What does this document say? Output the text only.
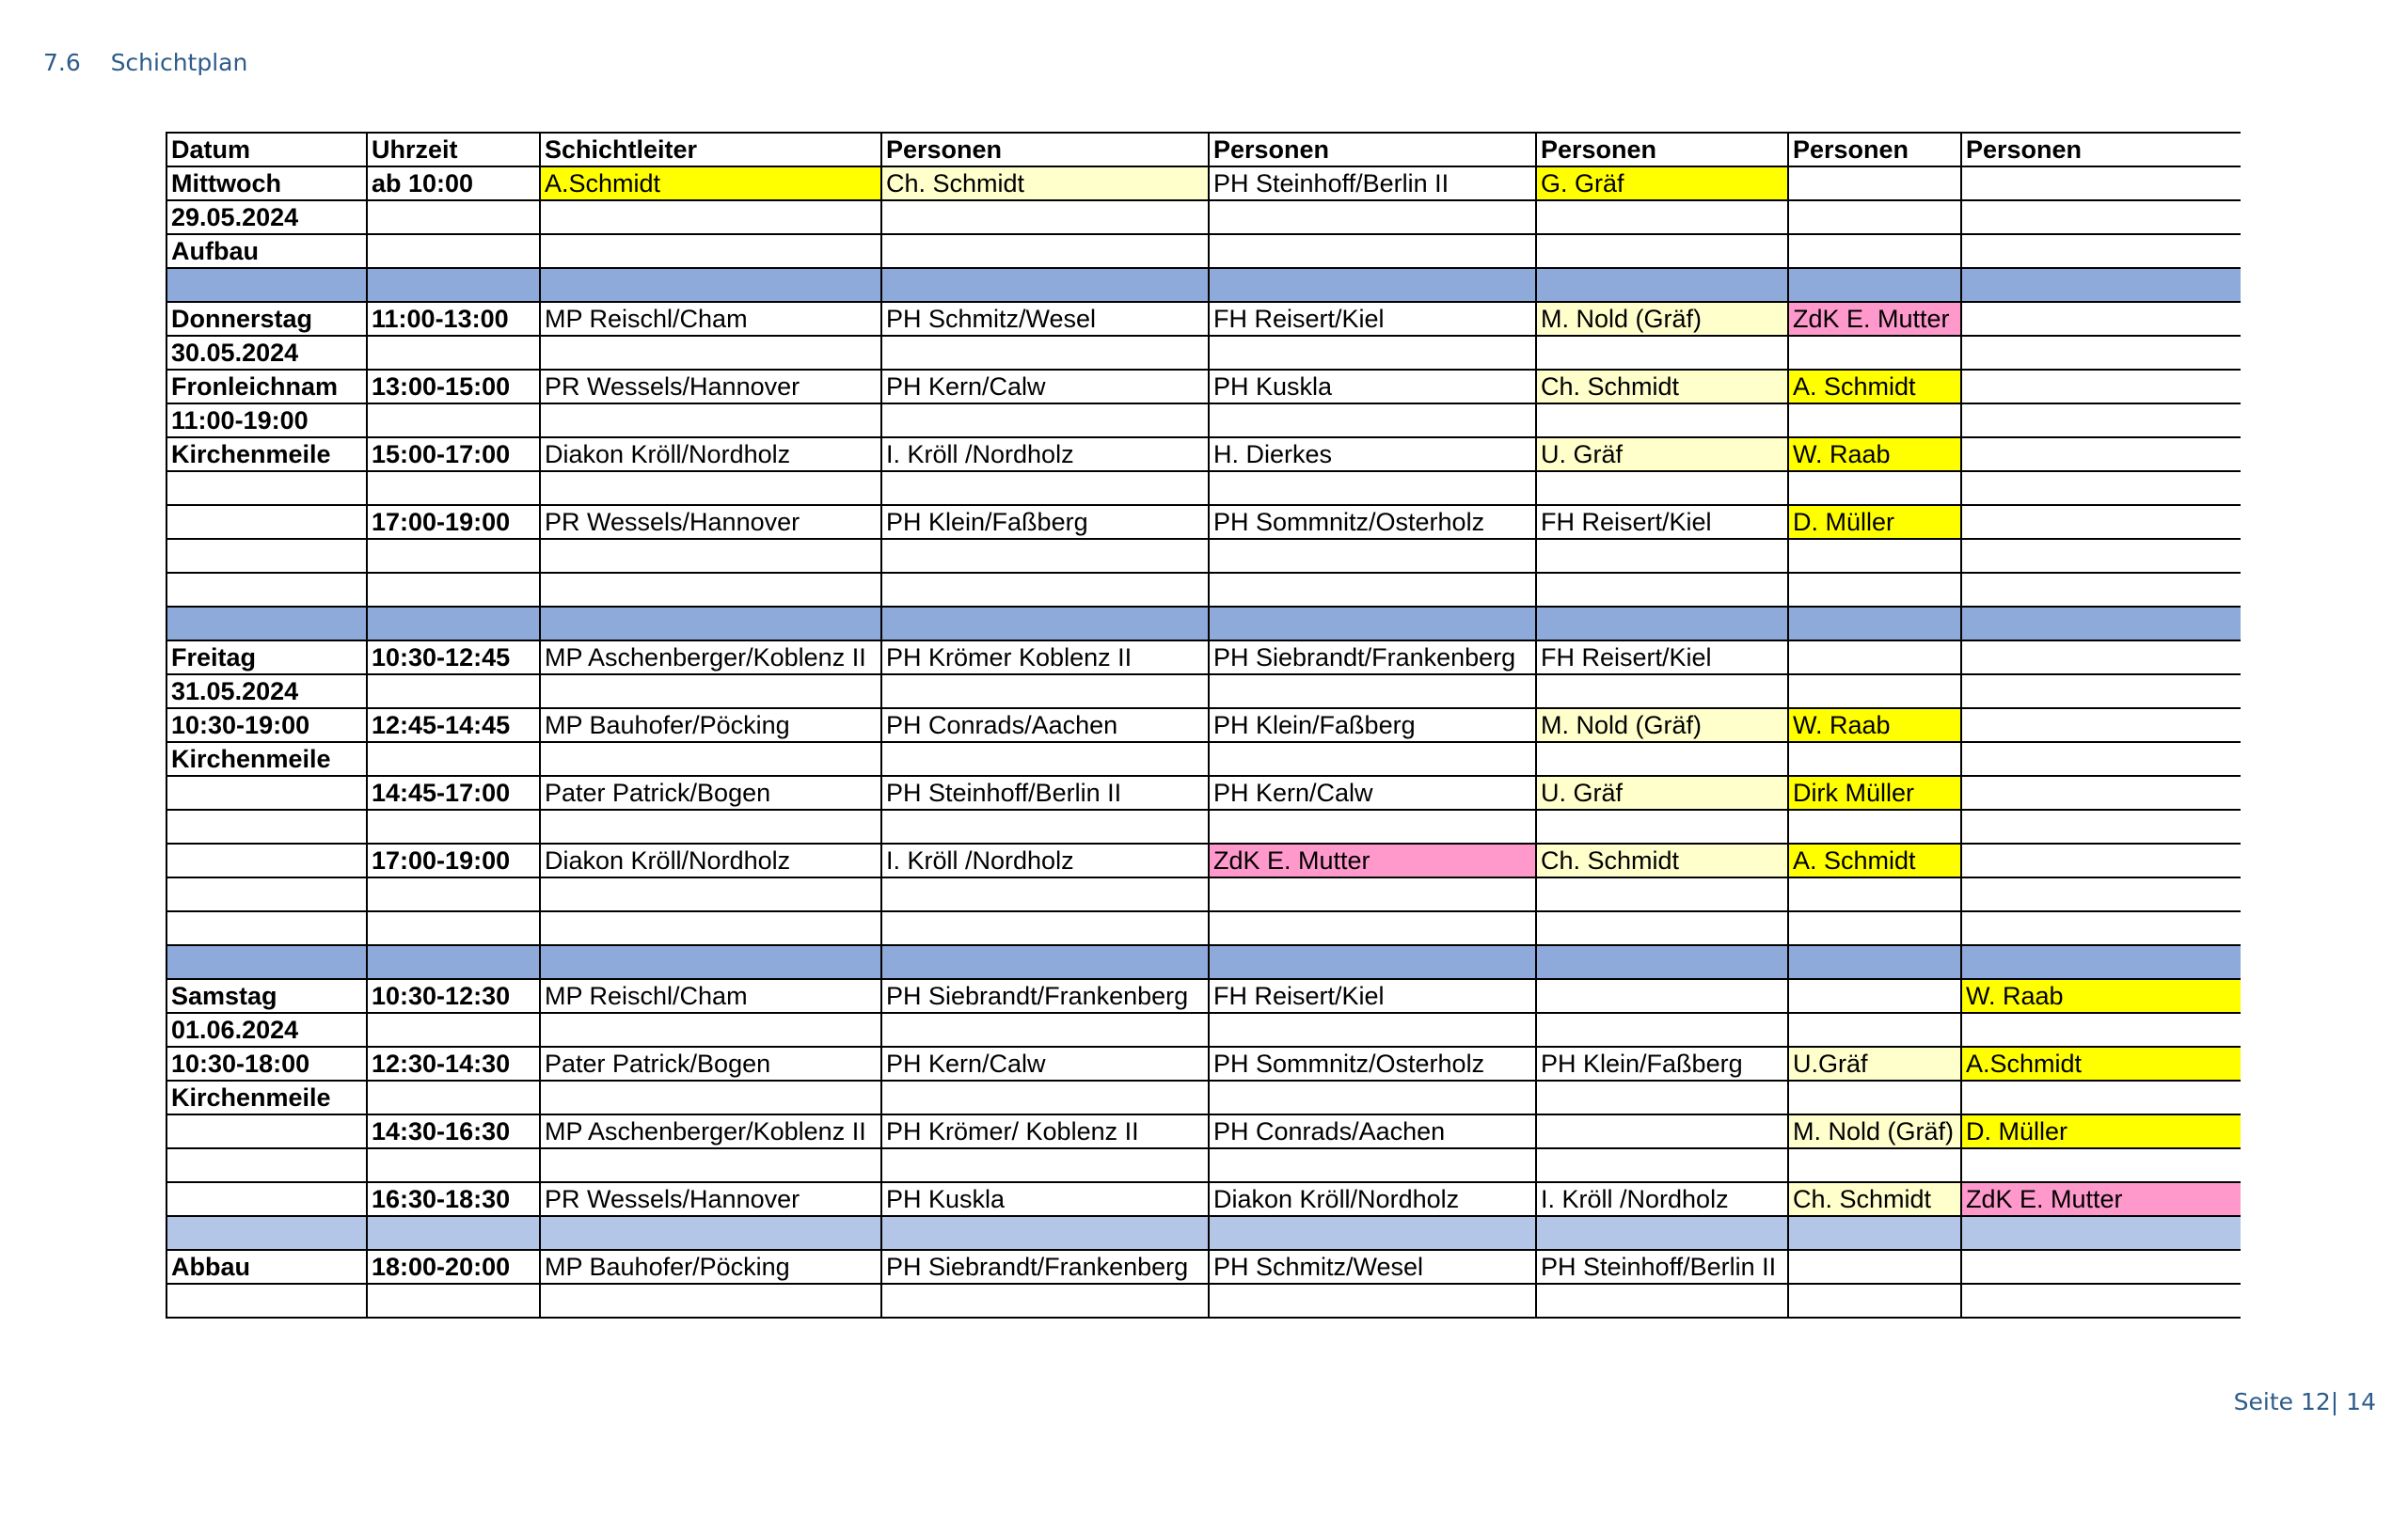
7.6 Schichtplan
Datum	Uhrzeit	Schichtleiter	Personen	Personen	Personen	Personen	Personen
Mittwoch	ab 10:00	A.Schmidt	Ch. Schmidt	PH Steinhoff/Berlin II	G. Gräf		
29.05.2024							
Aufbau							

Donnerstag	11:00-13:00	MP Reischl/Cham	PH Schmitz/Wesel	FH Reisert/Kiel	M. Nold (Gräf)	ZdK E. Mutter	
30.05.2024							
Fronleichnam	13:00-15:00	PR Wessels/Hannover	PH Kern/Calw	PH Kuskla	Ch. Schmidt	A. Schmidt	
11:00-19:00							
Kirchenmeile	15:00-17:00	Diakon Kröll/Nordholz	I. Kröll /Nordholz	H. Dierkes	U. Gräf	W. Raab	

	17:00-19:00	PR Wessels/Hannover	PH Klein/Faßberg	PH Sommnitz/Osterholz	FH Reisert/Kiel	D. Müller	

Freitag	10:30-12:45	MP Aschenberger/Koblenz II	PH Krömer Koblenz II	PH Siebrandt/Frankenberg	FH Reisert/Kiel		
31.05.2024							
10:30-19:00	12:45-14:45	MP Bauhofer/Pöcking	PH Conrads/Aachen	PH Klein/Faßberg	M. Nold (Gräf)	W. Raab	
Kirchenmeile							
	14:45-17:00	Pater Patrick/Bogen	PH Steinhoff/Berlin II	PH Kern/Calw	U. Gräf	Dirk Müller	

	17:00-19:00	Diakon Kröll/Nordholz	I. Kröll /Nordholz	ZdK E. Mutter	Ch. Schmidt	A. Schmidt	

Samstag	10:30-12:30	MP Reischl/Cham	PH Siebrandt/Frankenberg	FH Reisert/Kiel			W. Raab
01.06.2024							
10:30-18:00	12:30-14:30	Pater Patrick/Bogen	PH Kern/Calw	PH Sommnitz/Osterholz	PH Klein/Faßberg	U.Gräf	A.Schmidt
Kirchenmeile							
	14:30-16:30	MP Aschenberger/Koblenz II	PH Krömer/ Koblenz II	PH Conrads/Aachen		M. Nold (Gräf)	D. Müller

	16:30-18:30	PR Wessels/Hannover	PH Kuskla	Diakon Kröll/Nordholz	I. Kröll /Nordholz	Ch. Schmidt	ZdK E. Mutter

Abbau	18:00-20:00	MP Bauhofer/Pöcking	PH Siebrandt/Frankenberg	PH Schmitz/Wesel	PH Steinhoff/Berlin II		

Seite 12| 14
